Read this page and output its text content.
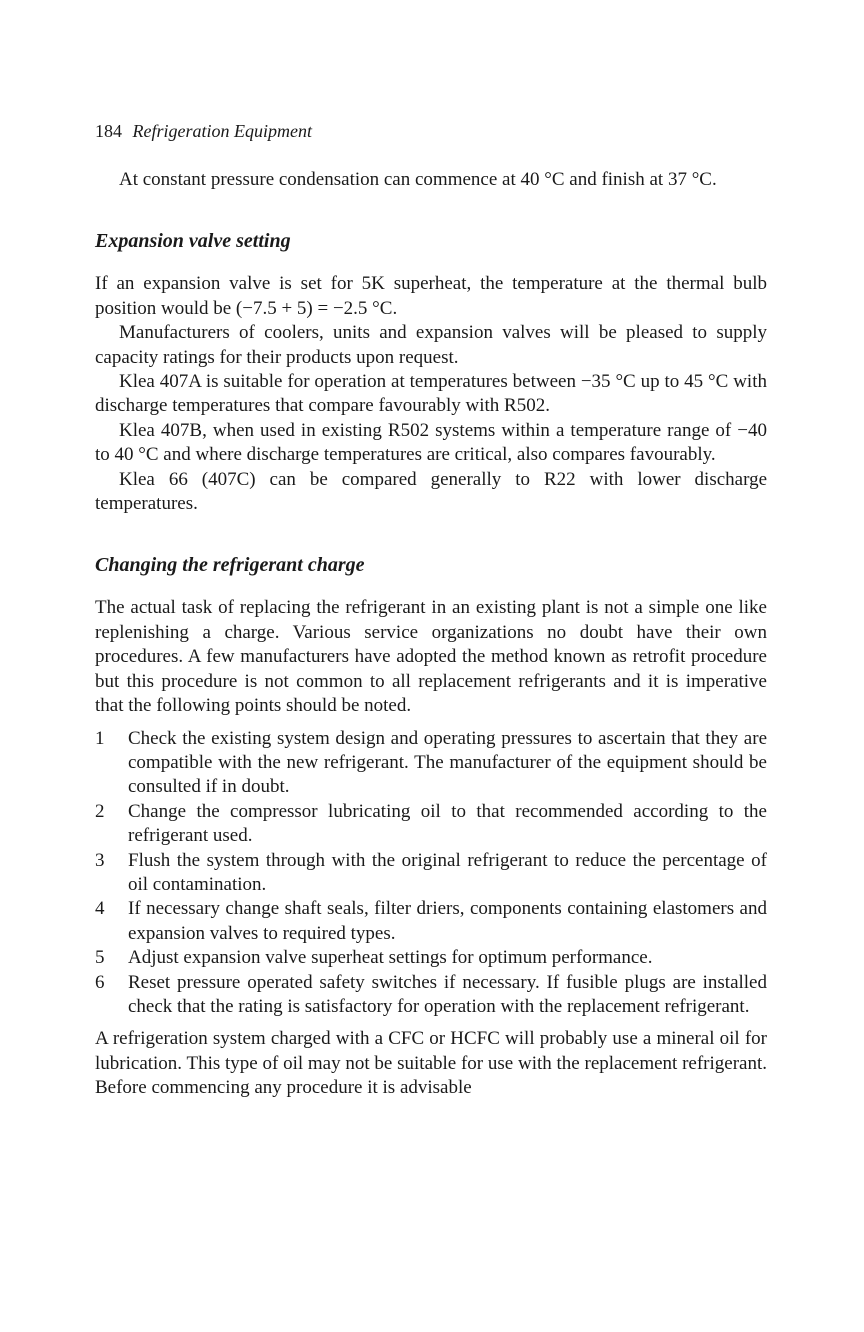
184 Refrigeration Equipment

At constant pressure condensation can commence at 40 °C and finish at 37 °C.

Expansion valve setting

If an expansion valve is set for 5K superheat, the temperature at the thermal bulb position would be (−7.5 + 5) = −2.5 °C.

Manufacturers of coolers, units and expansion valves will be pleased to supply capacity ratings for their products upon request.

Klea 407A is suitable for operation at temperatures between −35 °C up to 45 °C with discharge temperatures that compare favourably with R502.

Klea 407B, when used in existing R502 systems within a temperature range of −40 to 40 °C and where discharge temperatures are critical, also compares favourably.

Klea 66 (407C) can be compared generally to R22 with lower discharge temperatures.

Changing the refrigerant charge

The actual task of replacing the refrigerant in an existing plant is not a simple one like replenishing a charge. Various service organizations no doubt have their own procedures. A few manufacturers have adopted the method known as retrofit procedure but this procedure is not common to all replacement refrigerants and it is imperative that the following points should be noted.

1	Check the existing system design and operating pressures to ascertain that they are compatible with the new refrigerant. The manufacturer of the equipment should be consulted if in doubt.
2	Change the compressor lubricating oil to that recommended according to the refrigerant used.
3	Flush the system through with the original refrigerant to reduce the percentage of oil contamination.
4	If necessary change shaft seals, filter driers, components containing elastomers and expansion valves to required types.
5	Adjust expansion valve superheat settings for optimum performance.
6	Reset pressure operated safety switches if necessary. If fusible plugs are installed check that the rating is satisfactory for operation with the replacement refrigerant.

A refrigeration system charged with a CFC or HCFC will probably use a mineral oil for lubrication. This type of oil may not be suitable for use with the replacement refrigerant. Before commencing any procedure it is advisable
